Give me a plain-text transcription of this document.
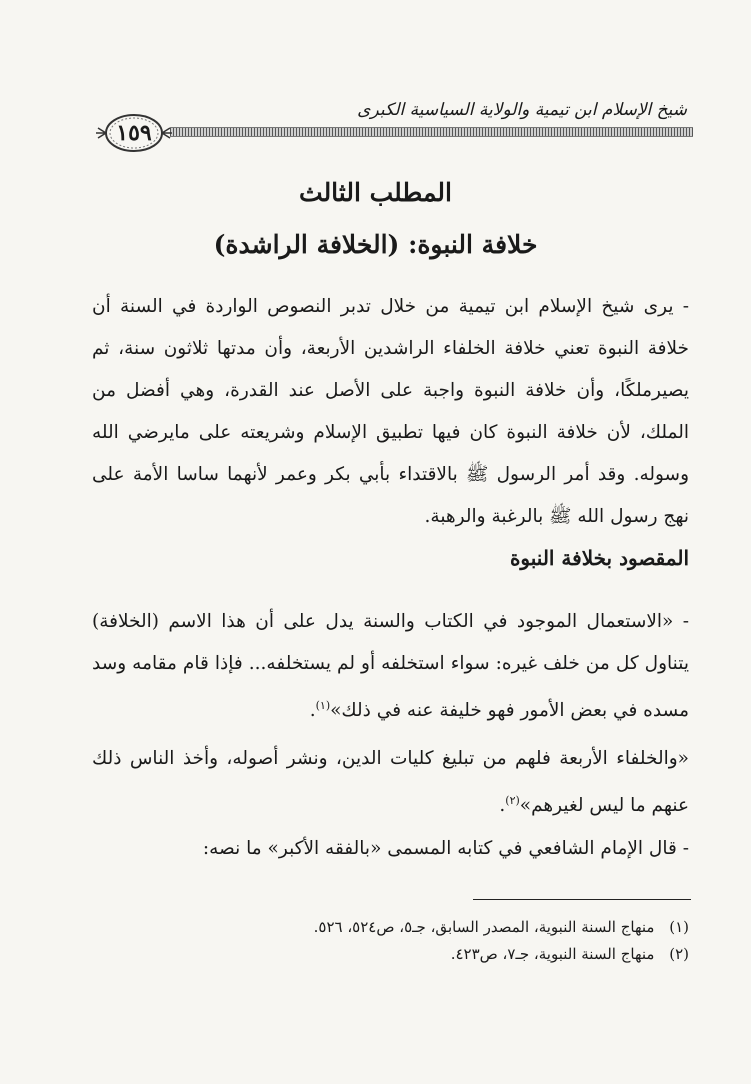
شيخ الإسلام ابن تيمية والولاية السياسية الكبرى
١٥٩
المطلب الثالث
خلافة النبوة: (الخلافة الراشدة)
- يرى شيخ الإسلام ابن تيمية من خلال تدبر النصوص الواردة في السنة أن خلافة النبوة تعني خلافة الخلفاء الراشدين الأربعة، وأن مدتها ثلاثون سنة، ثم يصيرملكًا، وأن خلافة النبوة واجبة على الأصل عند القدرة، وهي أفضل من الملك، لأن خلافة النبوة كان فيها تطبيق الإسلام وشريعته على مايرضي الله وسوله. وقد أمر الرسول ﷺ بالاقتداء بأبي بكر وعمر لأنهما ساسا الأمة على نهج رسول الله ﷺ بالرغبة والرهبة.
المقصود بخلافة النبوة
- «الاستعمال الموجود في الكتاب والسنة يدل على أن هذا الاسم (الخلافة) يتناول كل من خلف غيره: سواء استخلفه أو لم يستخلفه... فإذا قام مقامه وسد مسده في بعض الأمور فهو خليفة عنه في ذلك»$^{(١)}$.
«والخلفاء الأربعة فلهم من تبليغ كليات الدين، ونشر أصوله، وأخذ الناس ذلك عنهم ما ليس لغيرهم»$^{(٢)}$.
- قال الإمام الشافعي في كتابه المسمى «بالفقه الأكبر» ما نصه:
(١) منهاج السنة النبوية، المصدر السابق، جـ٥، ص٥٢٤، ٥٢٦.
(٢) منهاج السنة النبوية، جـ٧، ص٤٢٣.
